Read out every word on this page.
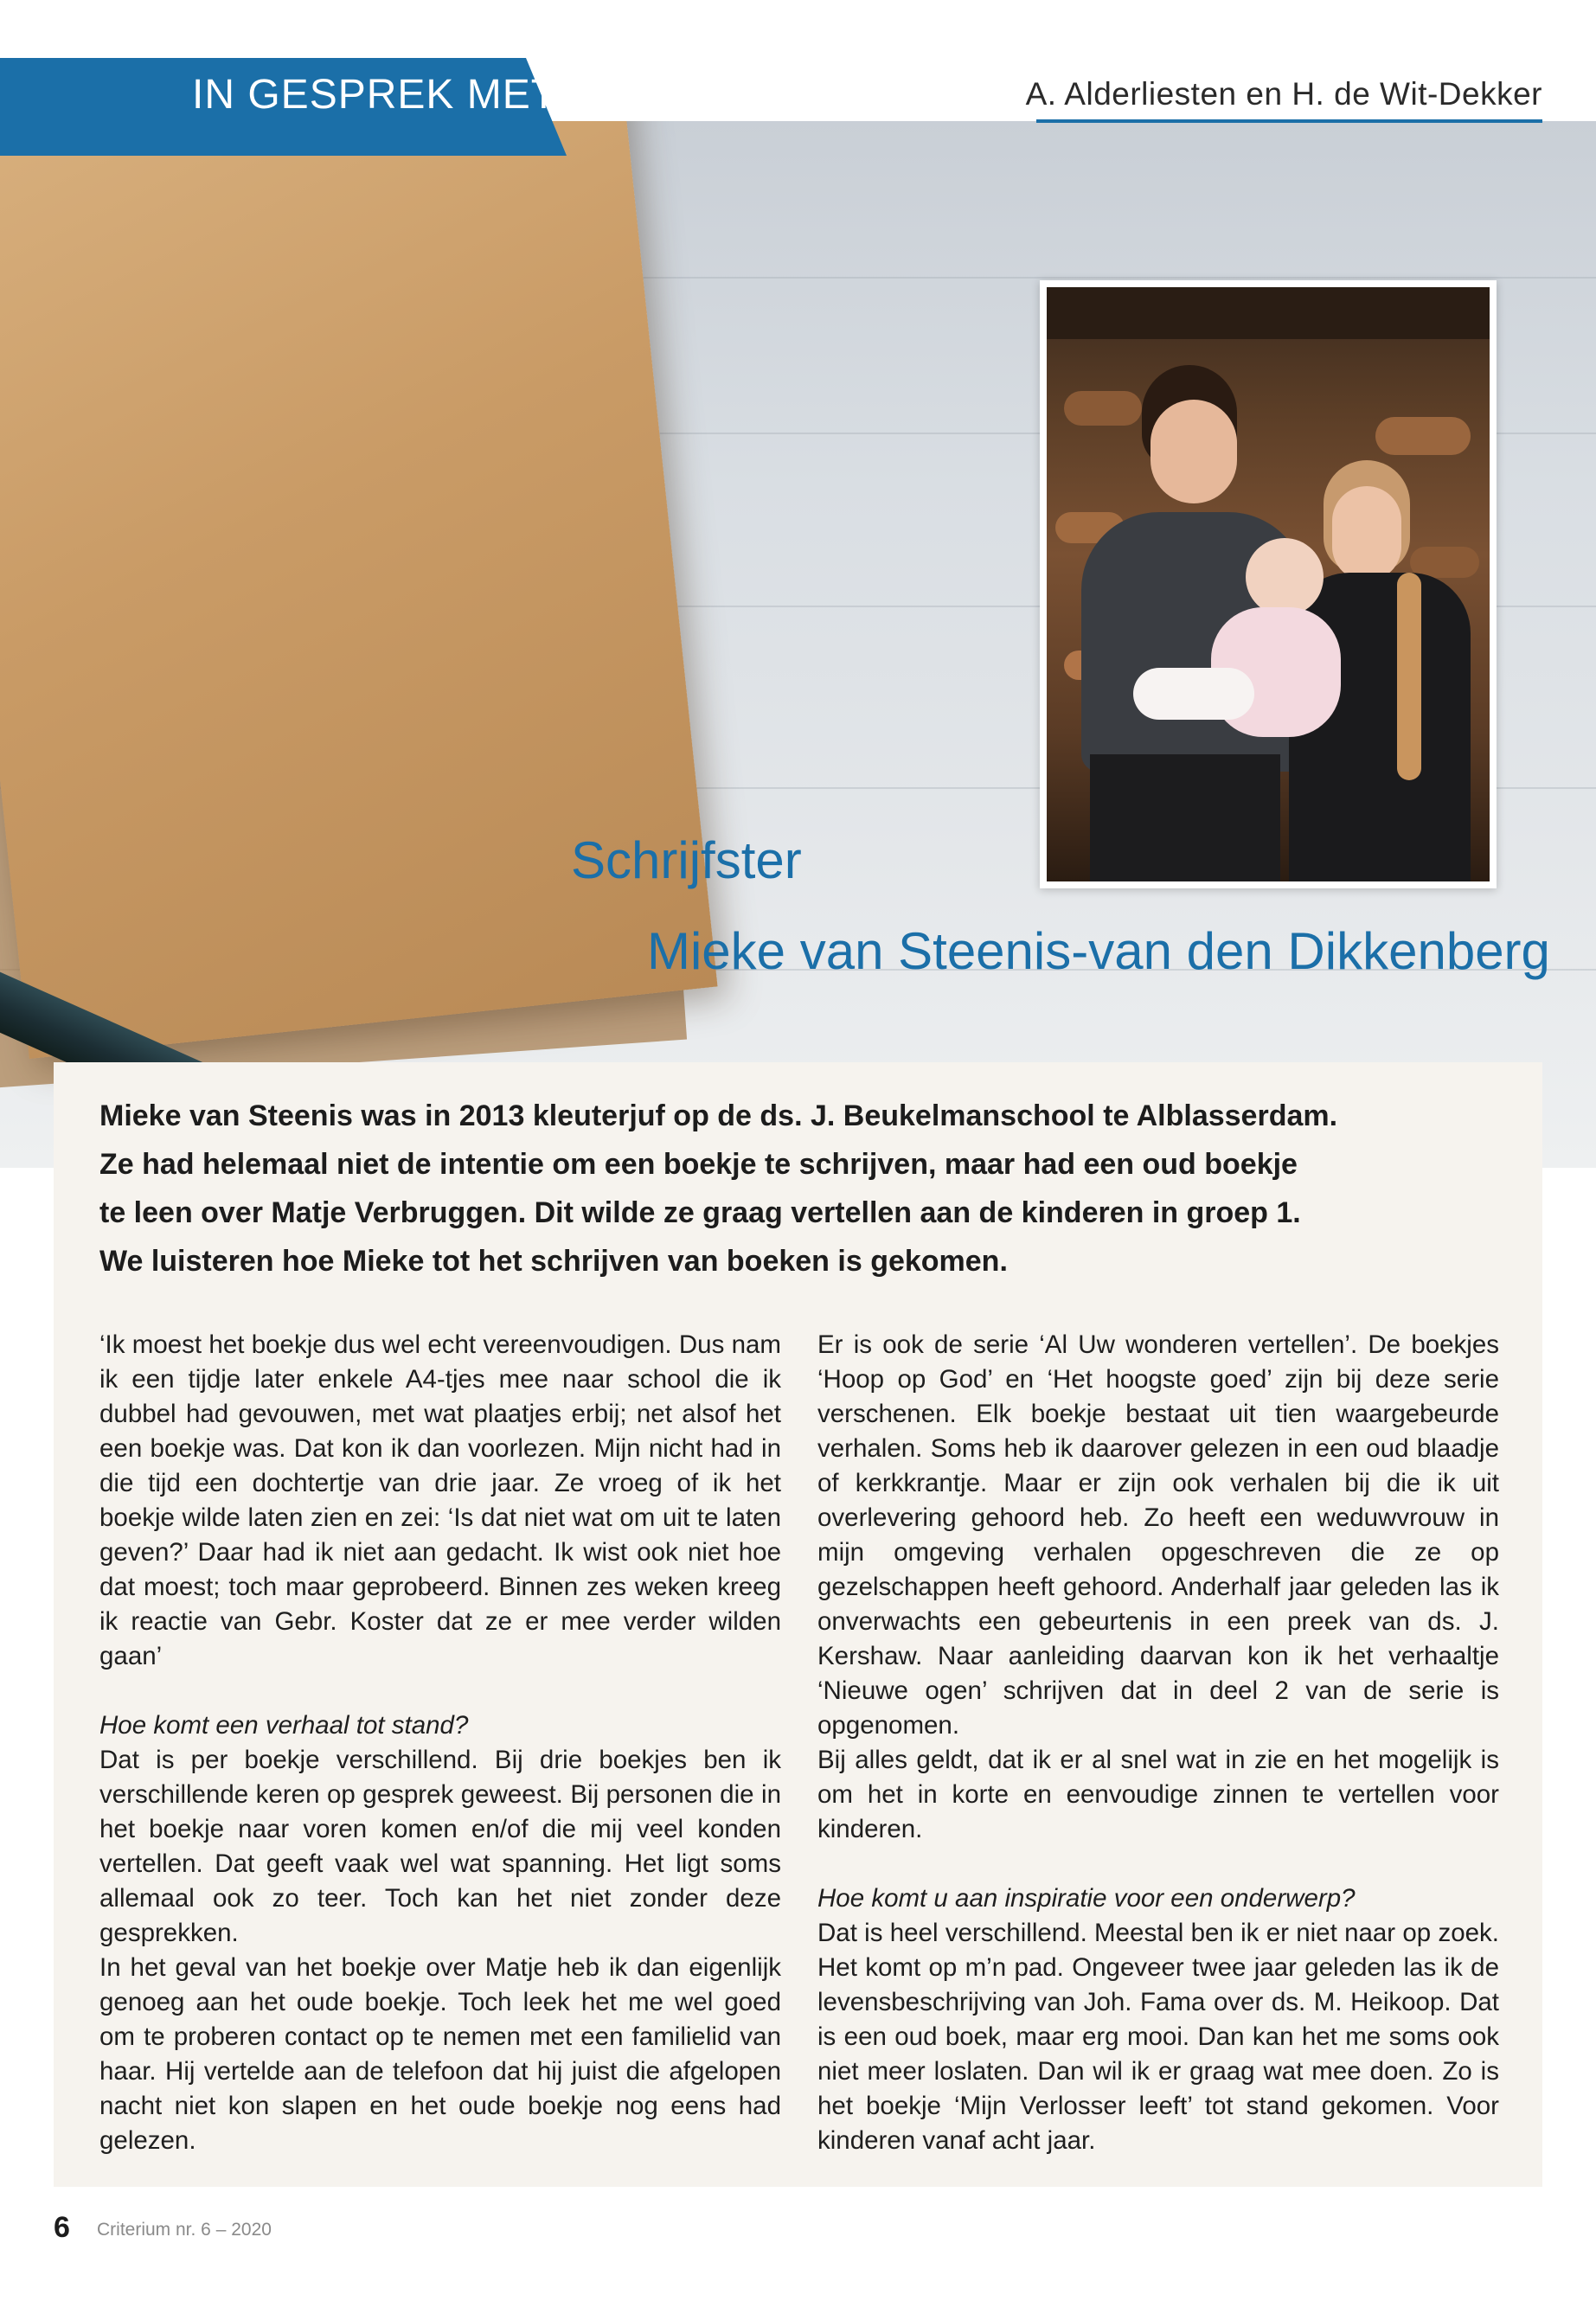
IN GESPREK MET…	A. Alderliesten en H. de Wit-Dekker
Schrijfster
Mieke van Steenis-van den Dikkenberg
Mieke van Steenis was in 2013 kleuterjuf op de ds. J. Beukelmanschool te Alblasserdam.
Ze had helemaal niet de intentie om een boekje te schrijven, maar had een oud boekje
te leen over Matje Verbruggen. Dit wilde ze graag vertellen aan de kinderen in groep 1.
We luisteren hoe Mieke tot het schrijven van boeken is gekomen.

‘Ik moest het boekje dus wel echt vereenvoudigen. Dus nam ik een tijdje later enkele A4-tjes mee naar school die ik dubbel had gevouwen, met wat plaatjes erbij; net alsof het een boekje was. Dat kon ik dan voorlezen. Mijn nicht had in die tijd een dochtertje van drie jaar. Ze vroeg of ik het boekje wilde laten zien en zei: ‘Is dat niet wat om uit te laten geven?’ Daar had ik niet aan gedacht. Ik wist ook niet hoe dat moest; toch maar geprobeerd. Binnen zes weken kreeg ik reactie van Gebr. Koster dat ze er mee verder wilden gaan’

Hoe komt een verhaal tot stand?

Dat is per boekje verschillend. Bij drie boekjes ben ik verschillende keren op gesprek geweest. Bij personen die in het boekje naar voren komen en/of die mij veel konden vertellen. Dat geeft vaak wel wat spanning. Het ligt soms allemaal ook zo teer. Toch kan het niet zonder deze gesprekken.

In het geval van het boekje over Matje heb ik dan eigenlijk genoeg aan het oude boekje. Toch leek het me wel goed om te proberen contact op te nemen met een familielid van haar. Hij vertelde aan de telefoon dat hij juist die afgelopen nacht niet kon slapen en het oude boekje nog eens had gelezen.

Er is ook de serie ‘Al Uw wonderen vertellen’. De boekjes ‘Hoop op God’ en ‘Het hoogste goed’ zijn bij deze serie verschenen. Elk boekje bestaat uit tien waargebeurde verhalen. Soms heb ik daarover gelezen in een oud blaadje of kerkkrantje. Maar er zijn ook verhalen bij die ik uit overlevering gehoord heb. Zo heeft een weduwvrouw in mijn omgeving verhalen opgeschreven die ze op gezelschappen heeft gehoord. Anderhalf jaar geleden las ik onverwachts een gebeurtenis in een preek van ds. J. Kershaw. Naar aanleiding daarvan kon ik het verhaaltje ‘Nieuwe ogen’ schrijven dat in deel 2 van de serie is opgenomen.

Bij alles geldt, dat ik er al snel wat in zie en het mogelijk is om het in korte en eenvoudige zinnen te vertellen voor kinderen.

Hoe komt u aan inspiratie voor een onderwerp?

Dat is heel verschillend. Meestal ben ik er niet naar op zoek. Het komt op m’n pad. Ongeveer twee jaar geleden las ik de levensbeschrijving van Joh. Fama over ds. M. Heikoop. Dat is een oud boek, maar erg mooi. Dan kan het me soms ook niet meer loslaten. Dan wil ik er graag wat mee doen. Zo is het boekje ‘Mijn Verlosser leeft’ tot stand gekomen. Voor kinderen vanaf acht jaar.

6 Criterium nr. 6 – 2020
